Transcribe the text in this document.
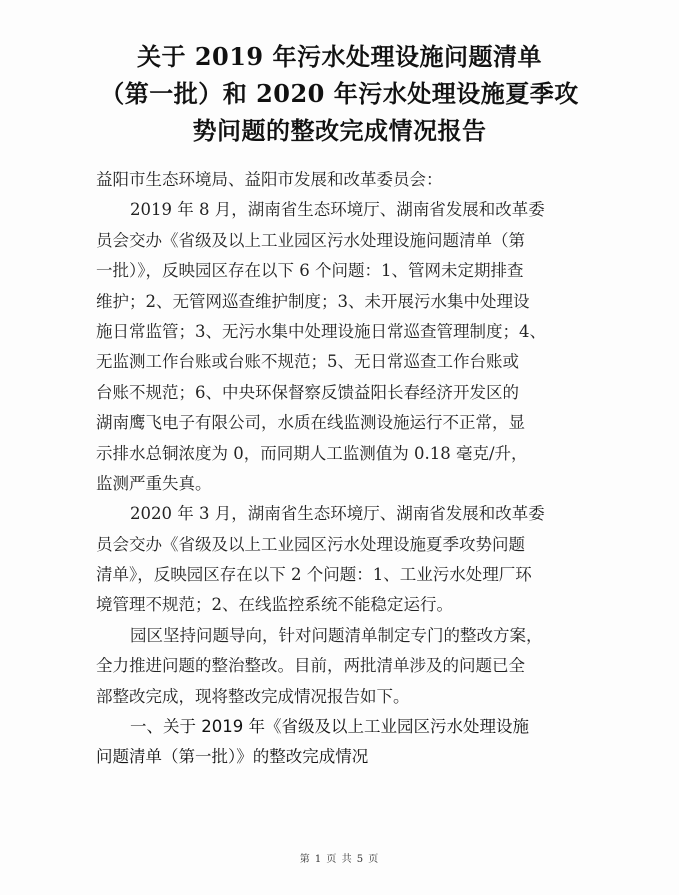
关于 2019 年污水处理设施问题清单
（第一批）和 2020 年污水处理设施夏季攻
势问题的整改完成情况报告
益阳市生态环境局、益阳市发展和改革委员会：
2019 年 8 月，湖南省生态环境厅、湖南省发展和改革委
员会交办《省级及以上工业园区污水处理设施问题清单（第
一批）》，反映园区存在以下 6 个问题：1、管网未定期排查
维护；2、无管网巡查维护制度；3、未开展污水集中处理设
施日常监管；3、无污水集中处理设施日常巡查管理制度；4、
无监测工作台账或台账不规范；5、无日常巡查工作台账或
台账不规范；6、中央环保督察反馈益阳长春经济开发区的
湖南鹰飞电子有限公司，水质在线监测设施运行不正常，显
示排水总铜浓度为 0，而同期人工监测值为 0.18 毫克/升，
监测严重失真。
2020 年 3 月，湖南省生态环境厅、湖南省发展和改革委
员会交办《省级及以上工业园区污水处理设施夏季攻势问题
清单》，反映园区存在以下 2 个问题：1、工业污水处理厂环
境管理不规范；2、在线监控系统不能稳定运行。
园区坚持问题导向，针对问题清单制定专门的整改方案，
全力推进问题的整治整改。目前，两批清单涉及的问题已全
部整改完成，现将整改完成情况报告如下。
一、关于 2019 年《省级及以上工业园区污水处理设施
问题清单（第一批）》的整改完成情况
第 1 页 共 5 页
